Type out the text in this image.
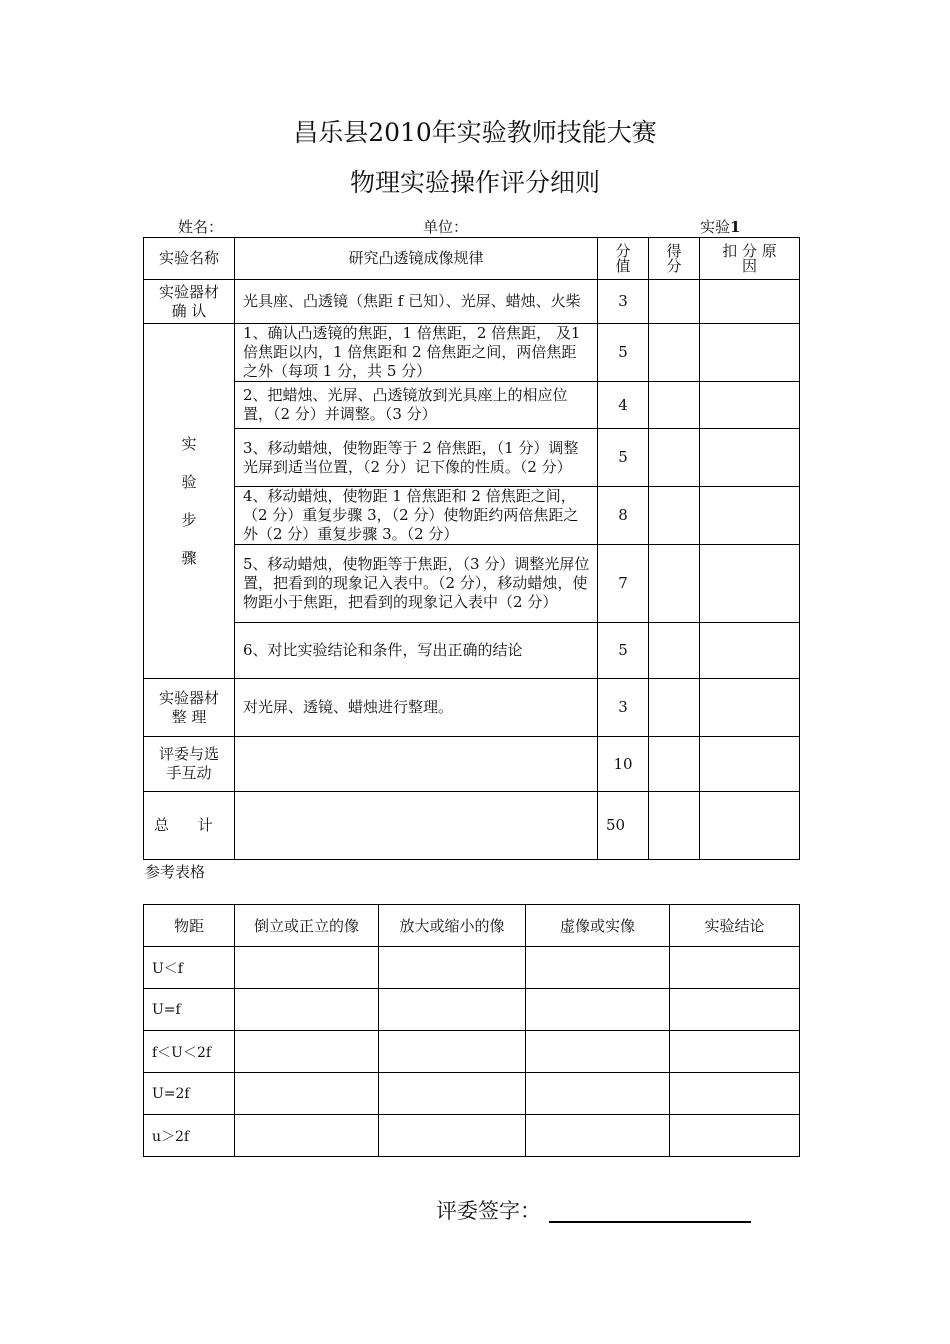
昌乐县2010年实验教师技能大赛
物理实验操作评分细则
姓名：	单位：	实验1
实验名称	研究凸透镜成像规律	分值	得分	扣 分 原 因

实验器材确 认	光具座、凸透镜（焦距 f 已知）、光屏、蜡烛、火柴	3		

实验步骤	1、确认凸透镜的焦距，1 倍焦距，2 倍焦距， 及1 倍焦距以内，1 倍焦距和 2 倍焦距之间，两倍焦距之外（每项 1 分，共 5 分）	5		
	2、把蜡烛、光屏、凸透镜放到光具座上的相应位置，（2 分）并调整。（3 分）	4		
	3、移动蜡烛，使物距等于 2 倍焦距，（1 分）调整光屏到适当位置，（2 分）记下像的性质。（2 分）	5		
	4、移动蜡烛，使物距 1 倍焦距和 2 倍焦距之间，（2 分）重复步骤 3，（2 分）使物距约两倍焦距之外（2 分）重复步骤 3。（2 分）	8		
	5、移动蜡烛，使物距等于焦距，（3 分）调整光屏位置，把看到的现象记入表中。（2 分），移动蜡烛，使物距小于焦距，把看到的现象记入表中（2 分）	7		
	6、对比实验结论和条件，写出正确的结论	5		

实验器材整 理	对光屏、透镜、蜡烛进行整理。	3		

评委与选手互动		10		
总 计		50		
参考表格
物距	倒立或正立的像	放大或缩小的像	虚像或实像	实验结论
U＜f				
U=f				
f＜U＜2f				
U=2f				
u＞2f				
评委签字：
